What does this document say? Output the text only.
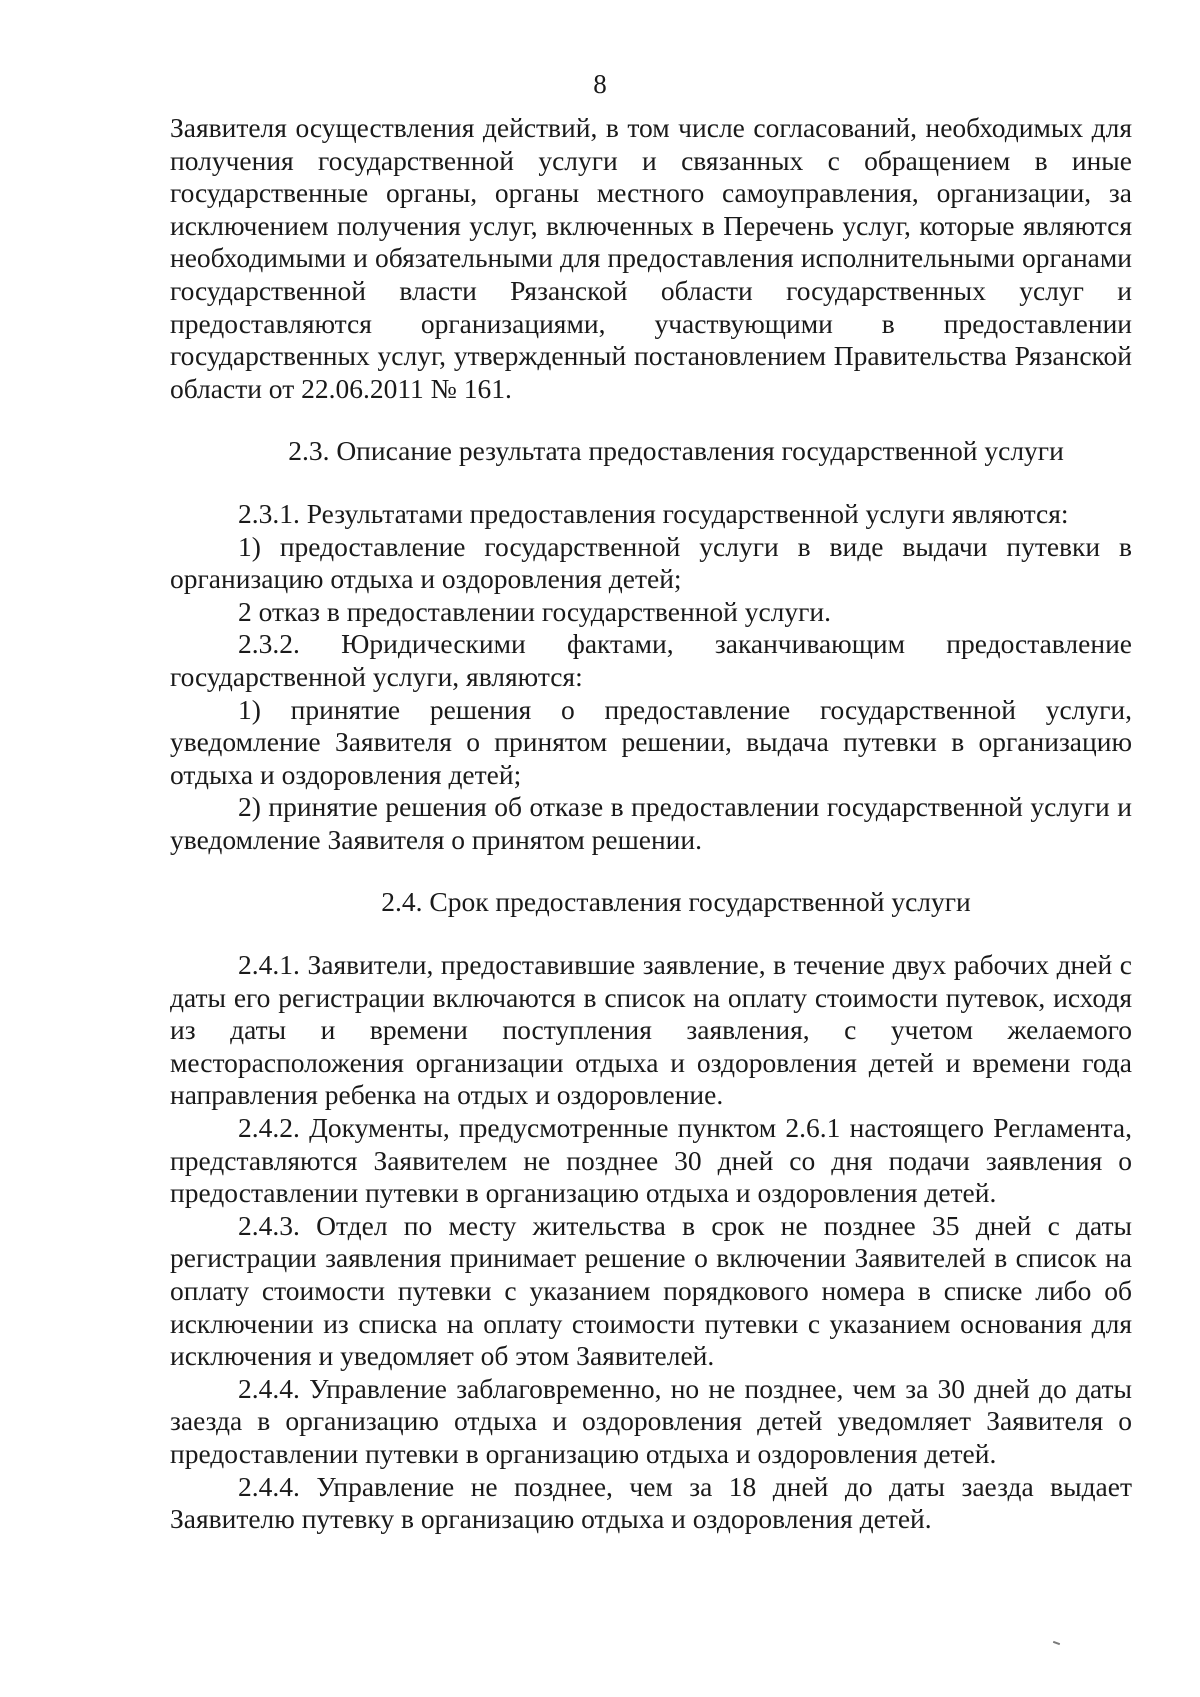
8

Заявителя осуществления действий, в том числе согласований, необходимых для получения государственной услуги и связанных с обращением в иные государственные органы, органы местного самоуправления, организации, за исключением получения услуг, включенных в Перечень услуг, которые являются необходимыми и обязательными для предоставления исполнительными органами государственной власти Рязанской области государственных услуг и предоставляются организациями, участвующими в предоставлении государственных услуг, утвержденный постановлением Правительства Рязанской области от 22.06.2011 № 161.

2.3. Описание результата предоставления государственной услуги

2.3.1. Результатами предоставления государственной услуги являются:

1) предоставление государственной услуги в виде выдачи путевки в организацию отдыха и оздоровления детей;

2 отказ в предоставлении государственной услуги.

2.3.2. Юридическими фактами, заканчивающим предоставление государственной услуги, являются:

1) принятие решения о предоставление государственной услуги, уведомление Заявителя о принятом решении, выдача путевки в организацию отдыха и оздоровления детей;

2) принятие решения об отказе в предоставлении государственной услуги и уведомление Заявителя о принятом решении.

2.4. Срок предоставления государственной услуги

2.4.1. Заявители, предоставившие заявление, в течение двух рабочих дней с даты его регистрации включаются в список на оплату стоимости путевок, исходя из даты и времени поступления заявления, с учетом желаемого месторасположения организации отдыха и оздоровления детей и времени года направления ребенка на отдых и оздоровление.

2.4.2. Документы, предусмотренные пунктом 2.6.1 настоящего Регламента, представляются Заявителем не позднее 30 дней со дня подачи заявления о предоставлении путевки в организацию отдыха и оздоровления детей.

2.4.3. Отдел по месту жительства в срок не позднее 35 дней с даты регистрации заявления принимает решение о включении Заявителей в список на оплату стоимости путевки с указанием порядкового номера в списке либо об исключении из списка на оплату стоимости путевки с указанием основания для исключения и уведомляет об этом Заявителей.

2.4.4. Управление заблаговременно, но не позднее, чем за 30 дней до даты заезда в организацию отдыха и оздоровления детей уведомляет Заявителя о предоставлении путевки в организацию отдыха и оздоровления детей.

2.4.4. Управление не позднее, чем за 18 дней до даты заезда выдает Заявителю путевку в организацию отдыха и оздоровления детей.
